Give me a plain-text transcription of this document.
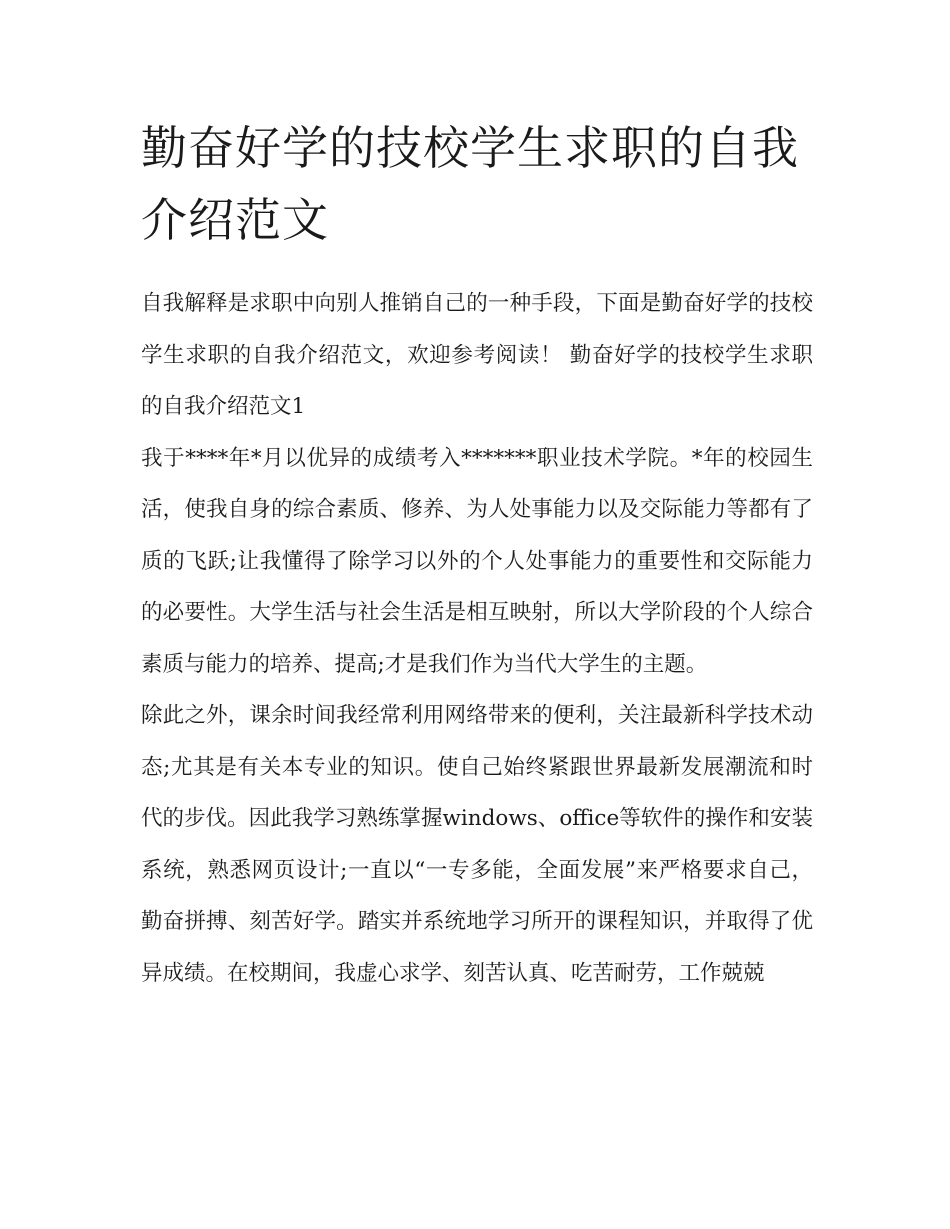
勤奋好学的技校学生求职的自我介绍范文

自我解释是求职中向别人推销自己的一种手段，下面是勤奋好学的技校学生求职的自我介绍范文，欢迎参考阅读！ 勤奋好学的技校学生求职的自我介绍范文1

我于****年*月以优异的成绩考入*******职业技术学院。*年的校园生活，使我自身的综合素质、修养、为人处事能力以及交际能力等都有了质的飞跃;让我懂得了除学习以外的个人处事能力的重要性和交际能力的必要性。大学生活与社会生活是相互映射，所以大学阶段的个人综合素质与能力的培养、提高;才是我们作为当代大学生的主题。

除此之外，课余时间我经常利用网络带来的便利，关注最新科学技术动态;尤其是有关本专业的知识。使自己始终紧跟世界最新发展潮流和时代的步伐。因此我学习熟练掌握windows、office等软件的操作和安装系统，熟悉网页设计;一直以“一专多能，全面发展”来严格要求自己，勤奋拼搏、刻苦好学。踏实并系统地学习所开的课程知识，并取得了优异成绩。在校期间，我虚心求学、刻苦认真、吃苦耐劳，工作兢兢
